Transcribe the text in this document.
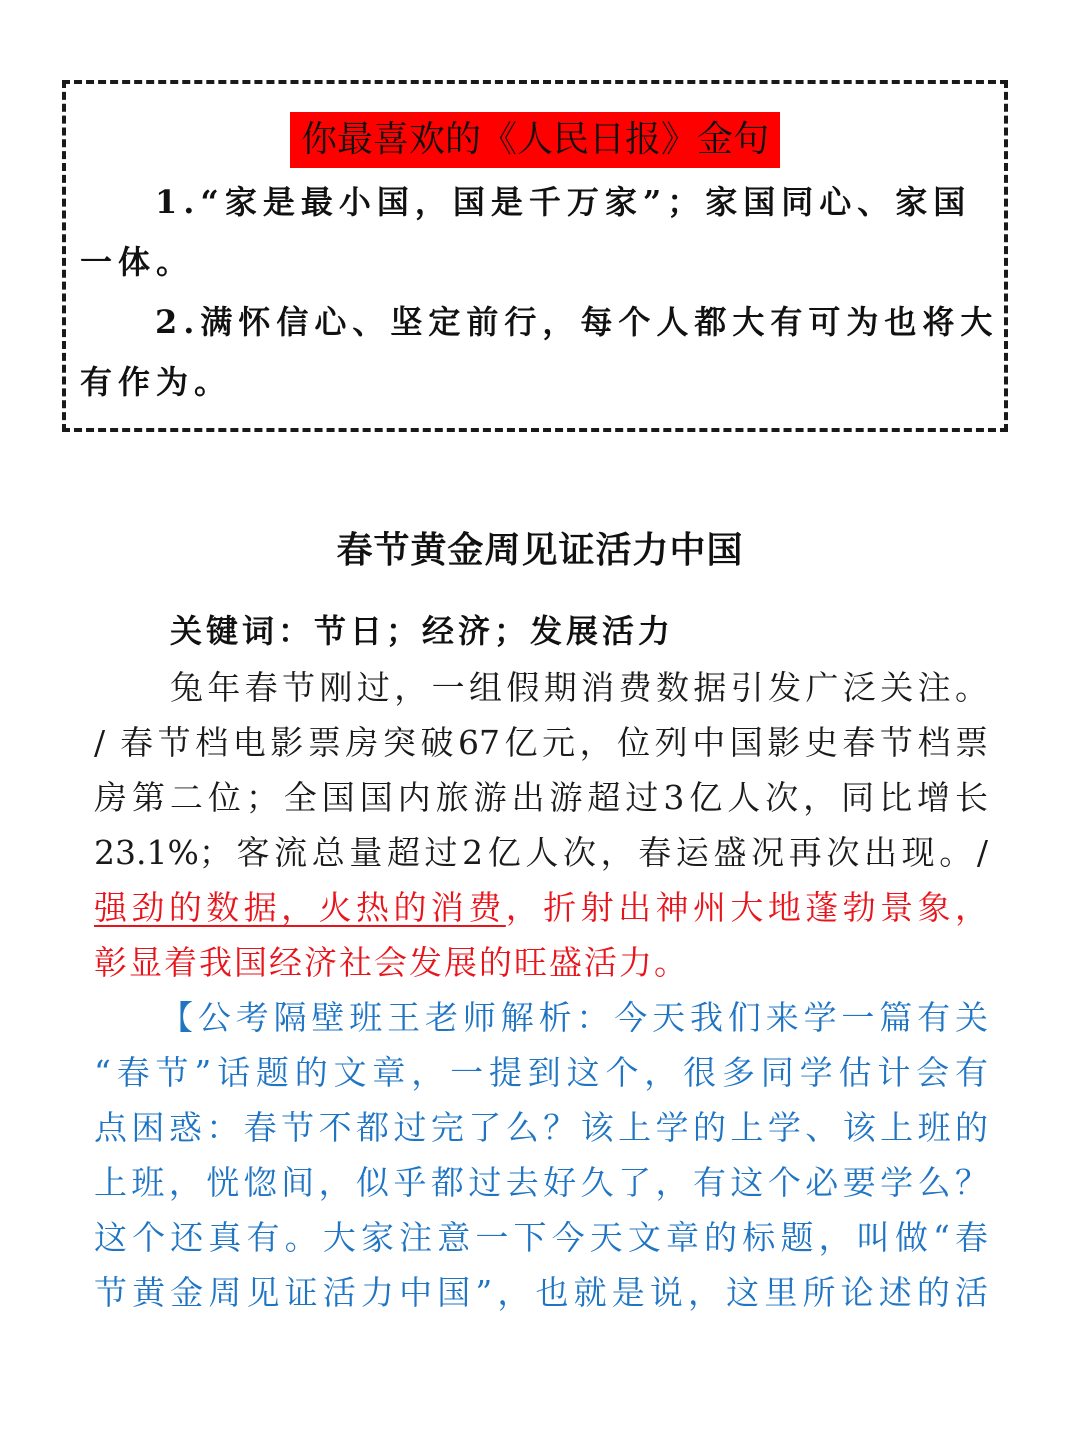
你最喜欢的《人民日报》金句
1.“家是最小国，国是千万家”；家国同心、家国
一体。
2.满怀信心、坚定前行，每个人都大有可为也将大
有作为。
春节黄金周见证活力中国
关键词：节日；经济；发展活力
兔年春节刚过，一组假期消费数据引发广泛关注。
/ 春节档电影票房突破67亿元，位列中国影史春节档票
房第二位；全国国内旅游出游超过3亿人次，同比增长
23.1%；客流总量超过2亿人次，春运盛况再次出现。/
强劲的数据，火热的消费，折射出神州大地蓬勃景象，
彰显着我国经济社会发展的旺盛活力。
【公考隔壁班王老师解析：今天我们来学一篇有关
“春节”话题的文章，一提到这个，很多同学估计会有
点困惑：春节不都过完了么？该上学的上学、该上班的
上班，恍惚间，似乎都过去好久了，有这个必要学么？
这个还真有。大家注意一下今天文章的标题，叫做“春
节黄金周见证活力中国”，也就是说，这里所论述的活
